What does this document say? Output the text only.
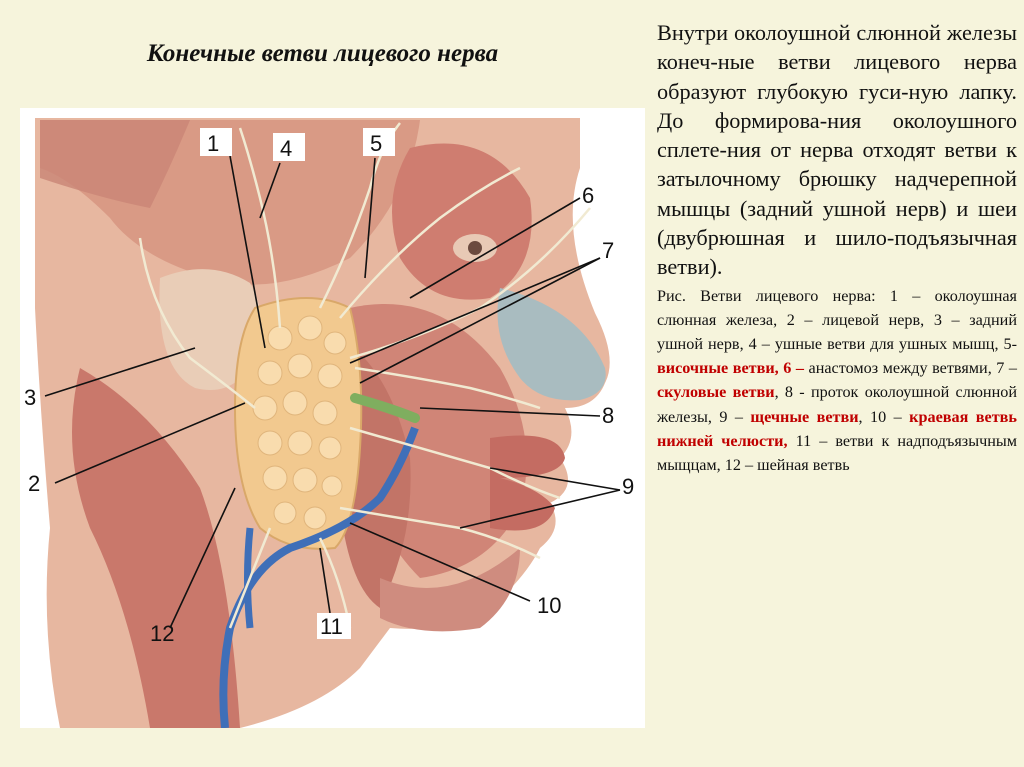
Конечные ветви лицевого нерва
1	4	5
6
7
8
9
10
11
12
3
2

Внутри околоушной слюнной железы конеч-ные ветви лицевого нерва образуют глубокую гуси-ную лапку. До формирова-ния околоушного сплете-ния от нерва отходят ветви к затылочному брюшку надчерепной мышцы (задний ушной нерв) и шеи (двубрюшная и шило-подъязычная ветви).

Рис. Ветви лицевого нерва: 1 – околоушная слюнная железа, 2 – лицевой нерв, 3 – задний ушной нерв, 4 – ушные ветви для ушных мышц, 5- височные ветви, 6 – анастомоз между ветвями, 7 – скуловые ветви, 8 - проток околоушной слюнной железы, 9 – щечные ветви, 10 – краевая ветвь нижней челюсти, 11 – ветви к надподъязычным мыщцам, 12 – шейная ветвь
